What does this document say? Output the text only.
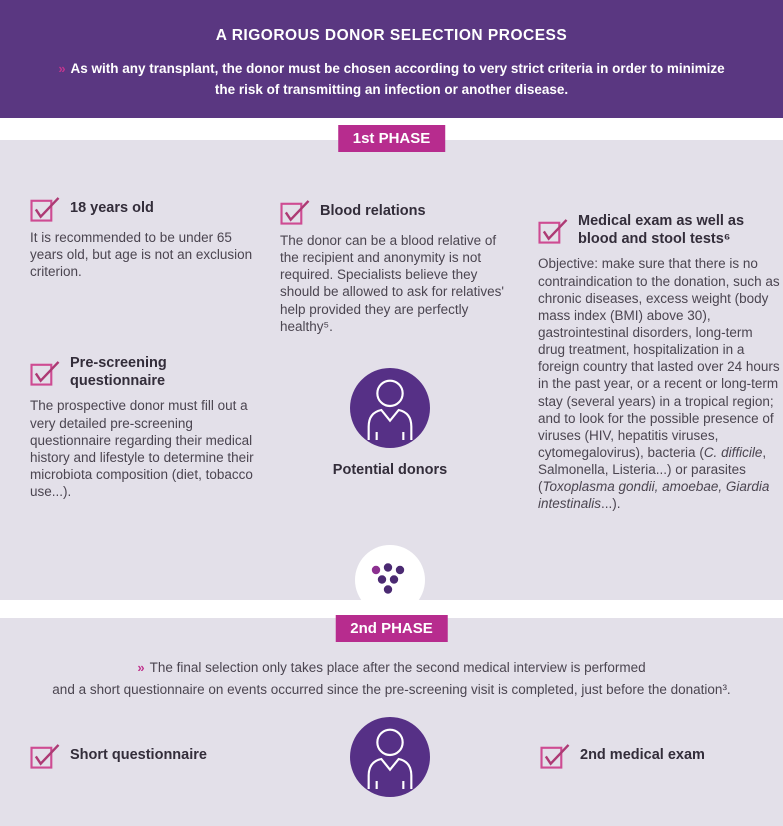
A RIGOROUS DONOR SELECTION PROCESS
» As with any transplant, the donor must be chosen according to very strict criteria in order to minimize
the risk of transmitting an infection or another disease.
1st PHASE
18 years old

It is recommended to be under 65 years old, but age is not an exclusion criterion.

Pre-screening questionnaire

The prospective donor must fill out a very detailed pre-screening questionnaire regarding their medical history and lifestyle to determine their microbiota composition (diet, tobacco use...).

Blood relations

The donor can be a blood relative of the recipient and anonymity is not required. Specialists believe they should be allowed to ask for relatives' help provided they are perfectly healthy⁵.

Medical exam as well as blood and stool tests⁶

Objective: make sure that there is no contraindication to the donation, such as chronic diseases, excess weight (body mass index (BMI) above 30), gastrointestinal disorders, long-term drug treatment, hospitalization in a foreign country that lasted over 24 hours in the past year, or a recent or long-term stay (several years) in a tropical region; and to look for the possible presence of viruses (HIV, hepatitis viruses, cytomegalovirus), bacteria (C. difficile, Salmonella, Listeria...) or parasites (Toxoplasma gondii, amoebae, Giardia intestinalis...).

Potential donors
2nd PHASE
» The final selection only takes place after the second medical interview is performed
and a short questionnaire on events occurred since the pre-screening visit is completed, just before the donation³.
Short questionnaire	2nd medical exam
